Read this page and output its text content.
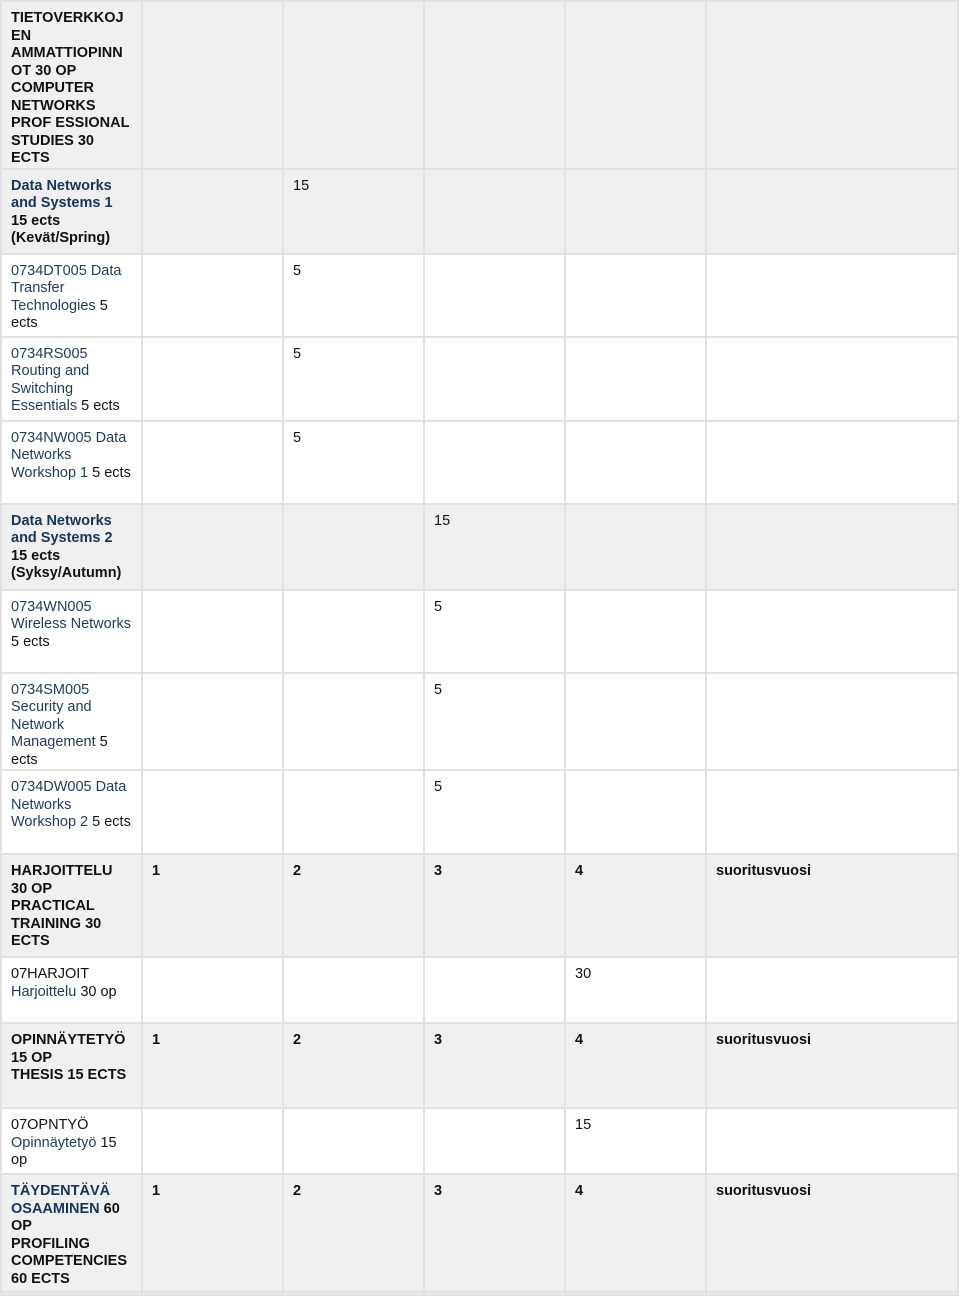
TIETOVERKKOJEN AMMATTIOPINNOT 30 OP
COMPUTER NETWORKS PROF ESSIONAL STUDIES 30 ECTS					
Data Networks and Systems 1 15 ects
(Kevät/Spring)		15			
0734DT005 Data Transfer Technologies 5 ects		5			
0734RS005 Routing and Switching Essentials 5 ects		5			
0734NW005 Data Networks Workshop 1 5 ects		5			
Data Networks and Systems 2 15 ects
(Syksy/Autumn)			15		
0734WN005 Wireless Networks 5 ects			5		
0734SM005 Security and Network Management 5 ects			5		
0734DW005 Data Networks Workshop 2 5 ects			5		
HARJOITTELU 30 OP
PRACTICAL TRAINING 30 ECTS	1	2	3	4	suoritusvuosi
07HARJOIT Harjoittelu 30 op				30	
OPINNÄYTETYÖ 15 OP
THESIS 15 ECTS	1	2	3	4	suoritusvuosi
07OPNTYÖ Opinnäytetyö 15 op				15	
TÄYDENTÄVÄ OSAAMINEN 60 OP
PROFILING COMPETENCIES 60 ECTS	1	2	3	4	suoritusvuosi
